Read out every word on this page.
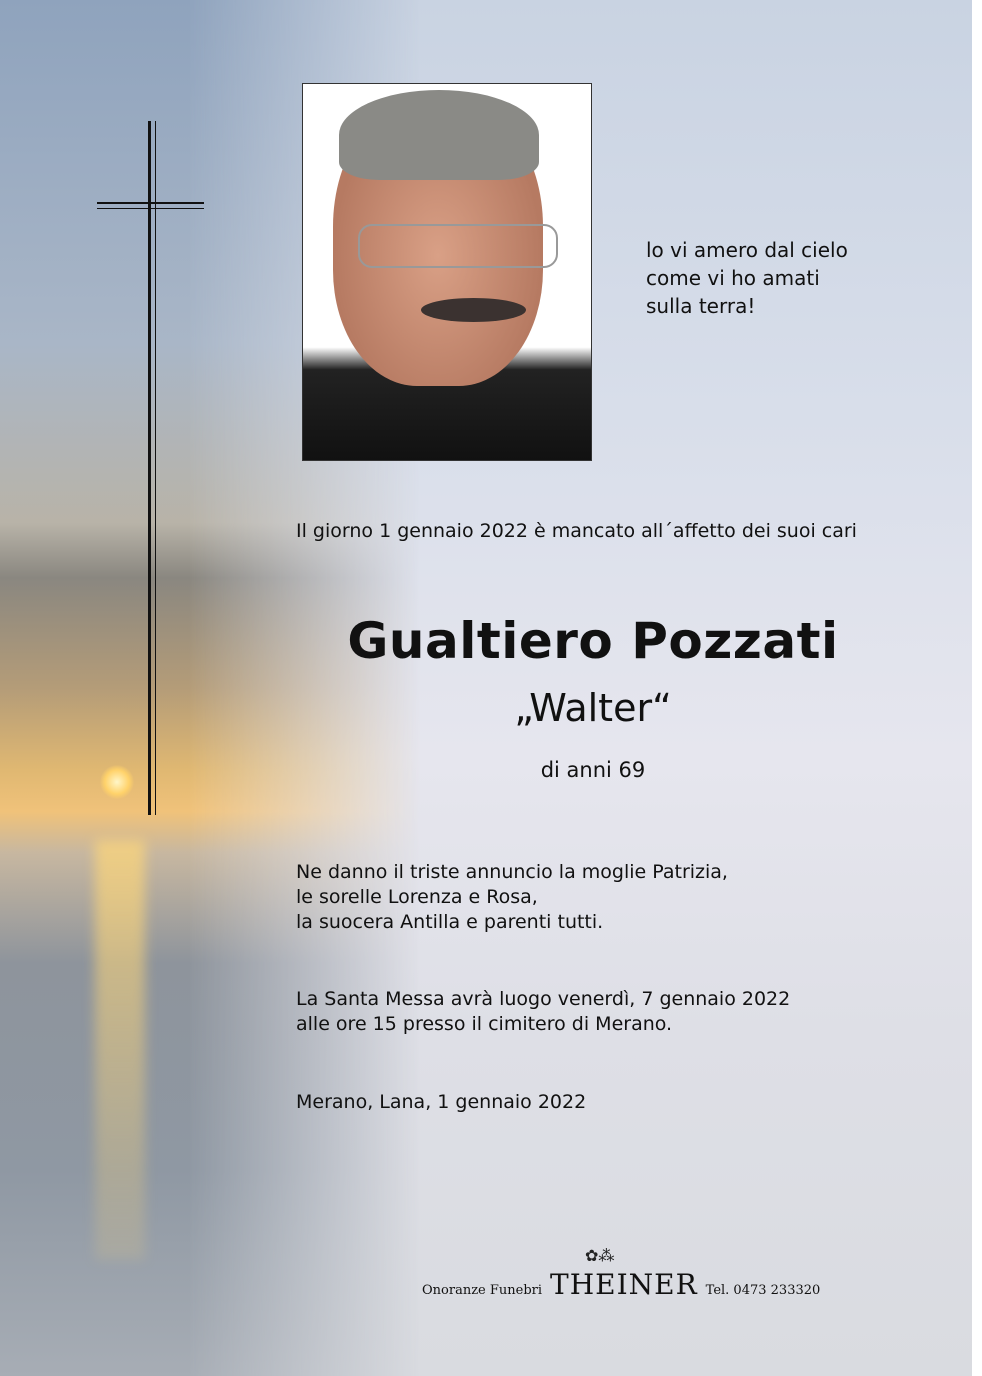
lo vi amero dal cielo
come vi ho amati
sulla terra!

Il giorno 1 gennaio 2022 è mancato all´affetto dei suoi cari

Gualtiero Pozzati

„Walter“

di anni 69

Ne danno il triste annuncio la moglie Patrizia,
le sorelle Lorenza e Rosa,
la suocera Antilla e parenti tutti.
La Santa Messa avrà luogo venerdì, 7 gennaio 2022
alle ore 15 presso il cimitero di Merano.
Merano, Lana, 1 gennaio 2022
✿⁂
Onoranze Funebri THEINER Tel. 0473 233320
